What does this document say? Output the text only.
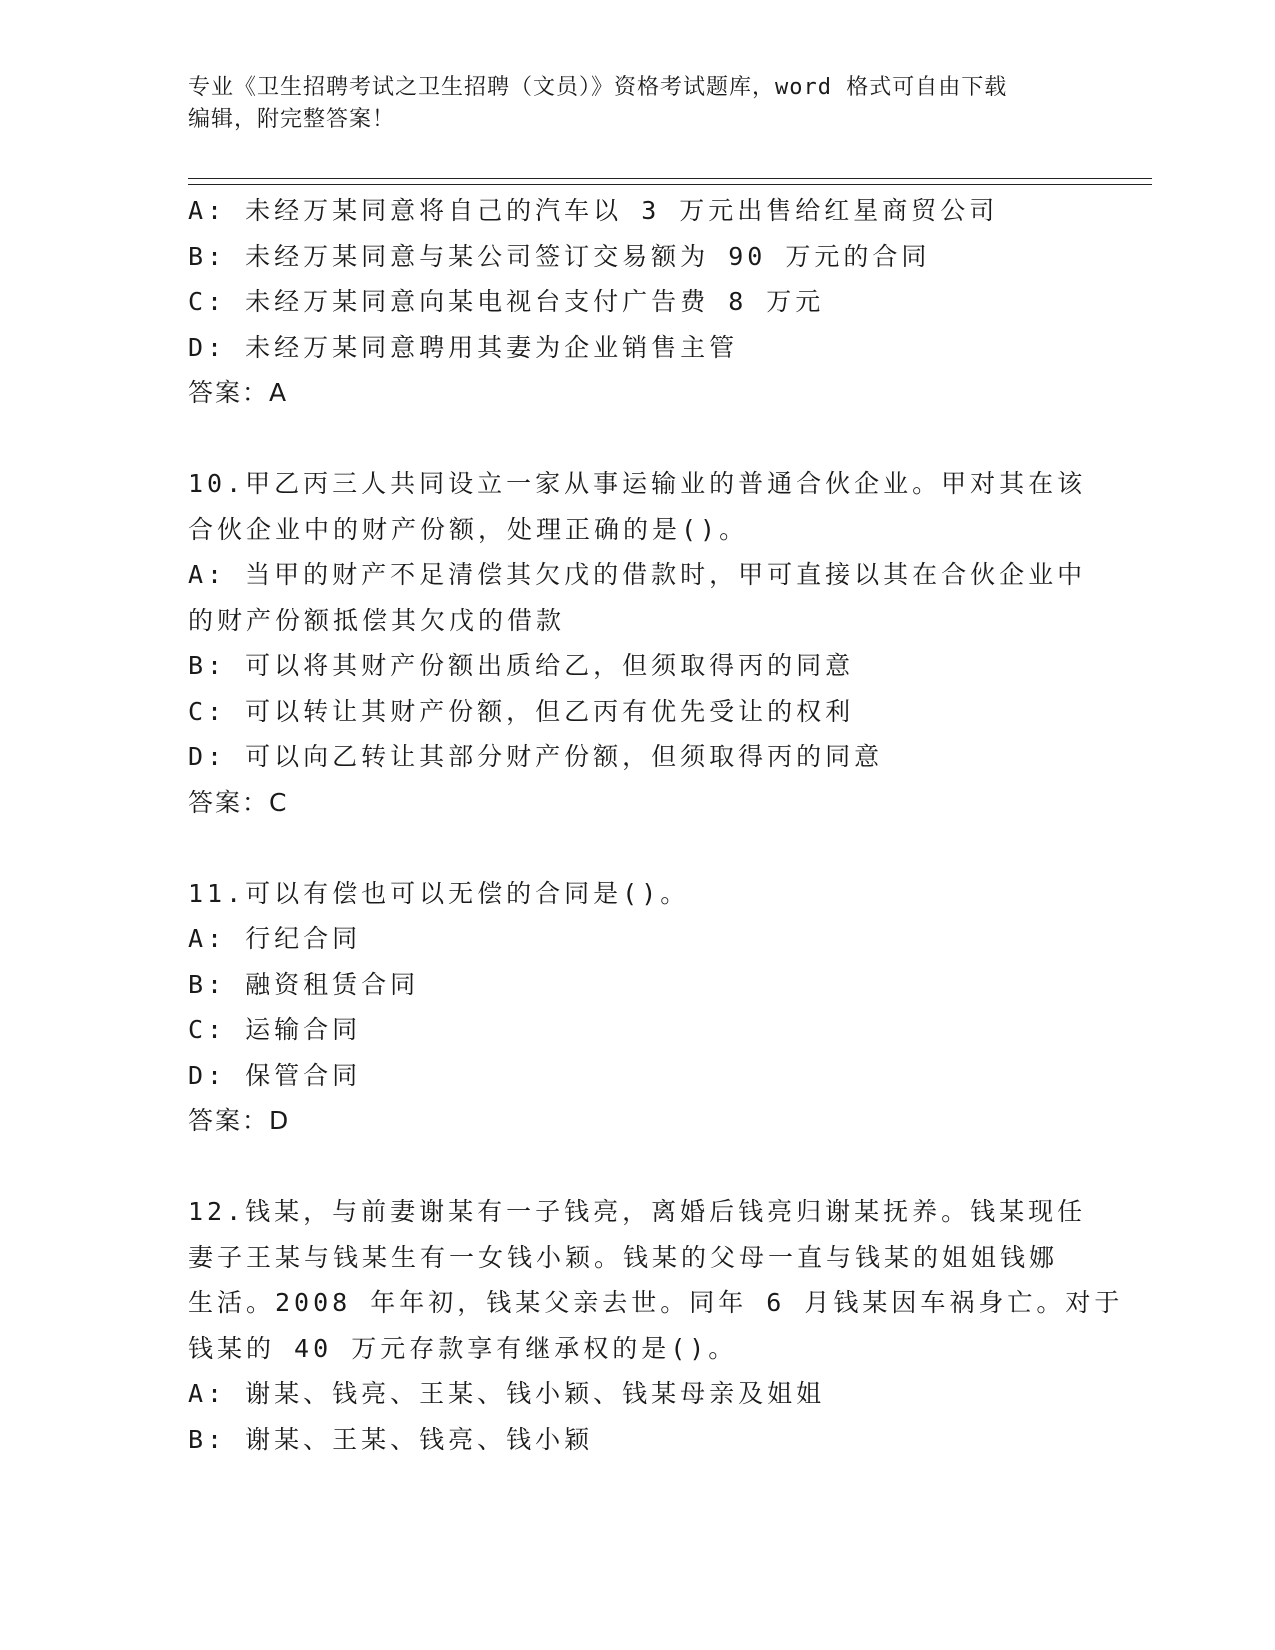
专业《卫生招聘考试之卫生招聘（文员）》资格考试题库，word 格式可自由下载
编辑，附完整答案！

A: 未经万某同意将自己的汽车以 3 万元出售给红星商贸公司

B: 未经万某同意与某公司签订交易额为 90 万元的合同

C: 未经万某同意向某电视台支付广告费 8 万元

D: 未经万某同意聘用其妻为企业销售主管

答案：A

10.甲乙丙三人共同设立一家从事运输业的普通合伙企业。甲对其在该

合伙企业中的财产份额，处理正确的是()。

A: 当甲的财产不足清偿其欠戊的借款时，甲可直接以其在合伙企业中

的财产份额抵偿其欠戊的借款

B: 可以将其财产份额出质给乙，但须取得丙的同意

C: 可以转让其财产份额，但乙丙有优先受让的权利

D: 可以向乙转让其部分财产份额，但须取得丙的同意

答案：C

11.可以有偿也可以无偿的合同是()。

A: 行纪合同

B: 融资租赁合同

C: 运输合同

D: 保管合同

答案：D

12.钱某，与前妻谢某有一子钱亮，离婚后钱亮归谢某抚养。钱某现任

妻子王某与钱某生有一女钱小颖。钱某的父母一直与钱某的姐姐钱娜

生活。2008 年年初，钱某父亲去世。同年 6 月钱某因车祸身亡。对于

钱某的 40 万元存款享有继承权的是()。

A: 谢某、钱亮、王某、钱小颖、钱某母亲及姐姐

B: 谢某、王某、钱亮、钱小颖
